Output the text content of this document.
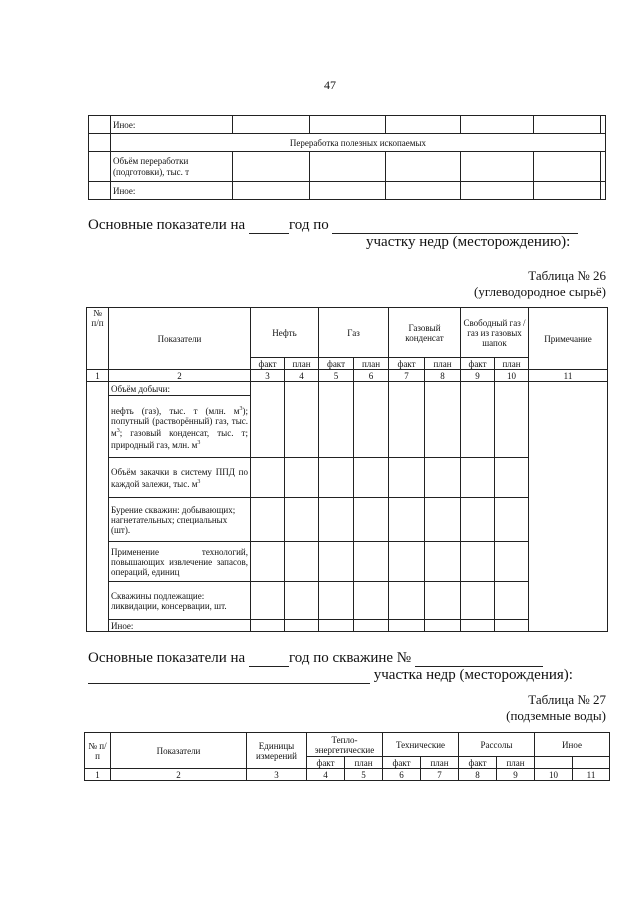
47
	Иное:						
	Переработка полезных ископаемых						
	Объём переработки (подготовки), тыс. т						
	Иное:						
Основные показатели на	год по
участку недр (месторождению):
Таблица № 26
(углеводородное сырьё)
№ п/п	Показатели	Нефть		Газ		Газовый конденсат		Свободный газ / газ из газовых шапок		Примечание
		факт	план	факт	план	факт	план	факт	план	
1	2	3	4	5	6	7	8	9	10	11
	Объём добычи:									
	нефть (газ), тыс. т (млн. $м^3$); попутный (растворённый) газ, тыс. $м^3$; газовый конденсат, тыс. т; природный газ, млн. $м^3$
	Объём закачки в систему ППД по каждой залежи, тыс. $м^3$								
	Бурение скважин: добывающих; нагнетательных; специальных (шт).									
	Применение технологий, повышающих извлечение запасов, операций, единиц									
	Скважины подлежащие: ликвидации, консервации, шт.									
	Иное:									
Основные показатели на	год по скважине №
участка недр (месторождения):
Таблица № 27
(подземные воды)
№ п/п	Показатели	Единицы измерений	Тепло-энергетические		Технические		Рассолы		Иное	
			факт	план	факт	план	факт	план		
1	2	3	4	5	6	7	8	9	10	11
